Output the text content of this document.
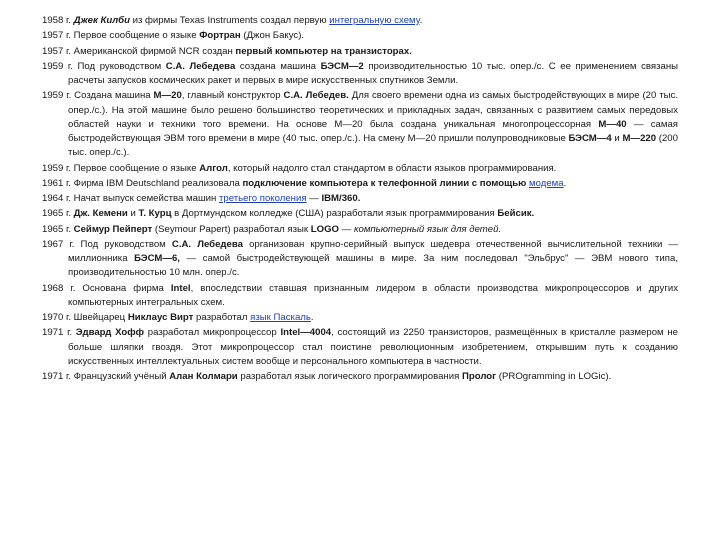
1958 г. Джек Килби из фирмы Texas Instruments создал первую интегральную схему.

1957 г. Первое сообщение о языке Фортран (Джон Бакус).

1957 г. Американской фирмой NCR создан первый компьютер на транзисторах.

1959 г. Под руководством С.А. Лебедева создана машина БЭСМ—2 производительностью 10 тыс. опер./с. С ее применением связаны расчеты запусков космических ракет и первых в мире искусственных спутников Земли.

1959 г. Создана машина М—20, главный конструктор С.А. Лебедев. Для своего времени одна из самых быстродействующих в мире (20 тыс. опер./с.). На этой машине было решено большинство теоретических и прикладных задач, связанных с развитием самых передовых областей науки и техники того времени. На основе М—20 была создана уникальная многопроцессорная М—40 — самая быстродействующая ЭВМ того времени в мире (40 тыс. опер./с.). На смену М—20 пришли полупроводниковые БЭСМ—4 и М—220 (200 тыс. опер./с.).

1959 г. Первое сообщение о языке Алгол, который надолго стал стандартом в области языков программирования.

1961 г. Фирма IBM Deutschland реализовала подключение компьютера к телефонной линии с помощью модема.

1964 г. Начат выпуск семейства машин третьего поколения — IBM/360.

1965 г. Дж. Кемени и Т. Курц в Дортмундском колледже (США) разработали язык программирования Бейсик.

1965 г. Сеймур Пейперт (Seymour Papert) разработал язык LOGO — компьютерный язык для детей.

1967 г. Под руководством С.А. Лебедева организован крупно-серийный выпуск шедевра отечественной вычислительной техники — миллионника БЭСМ—6, — самой быстродействующей машины в мире. За ним последовал "Эльбрус" — ЭВМ нового типа, производительностью 10 млн. опер./с.

1968 г. Основана фирма Intel, впоследствии ставшая признанным лидером в области производства микропроцессоров и других компьютерных интегральных схем.

1970 г. Швейцарец Никлаус Вирт разработал язык Паскаль.

1971 г. Эдвард Хофф разработал микропроцессор Intel—4004, состоящий из 2250 транзисторов, размещённых в кристалле размером не больше шляпки гвоздя. Этот микропроцессор стал поистине революционным изобретением, открывшим путь к созданию искусственных интеллектуальных систем вообще и персонального компьютера в частности.

1971 г. Французский учёный Алан Колмари разработал язык логического программирования Пролог (PROgramming in LOGic).
